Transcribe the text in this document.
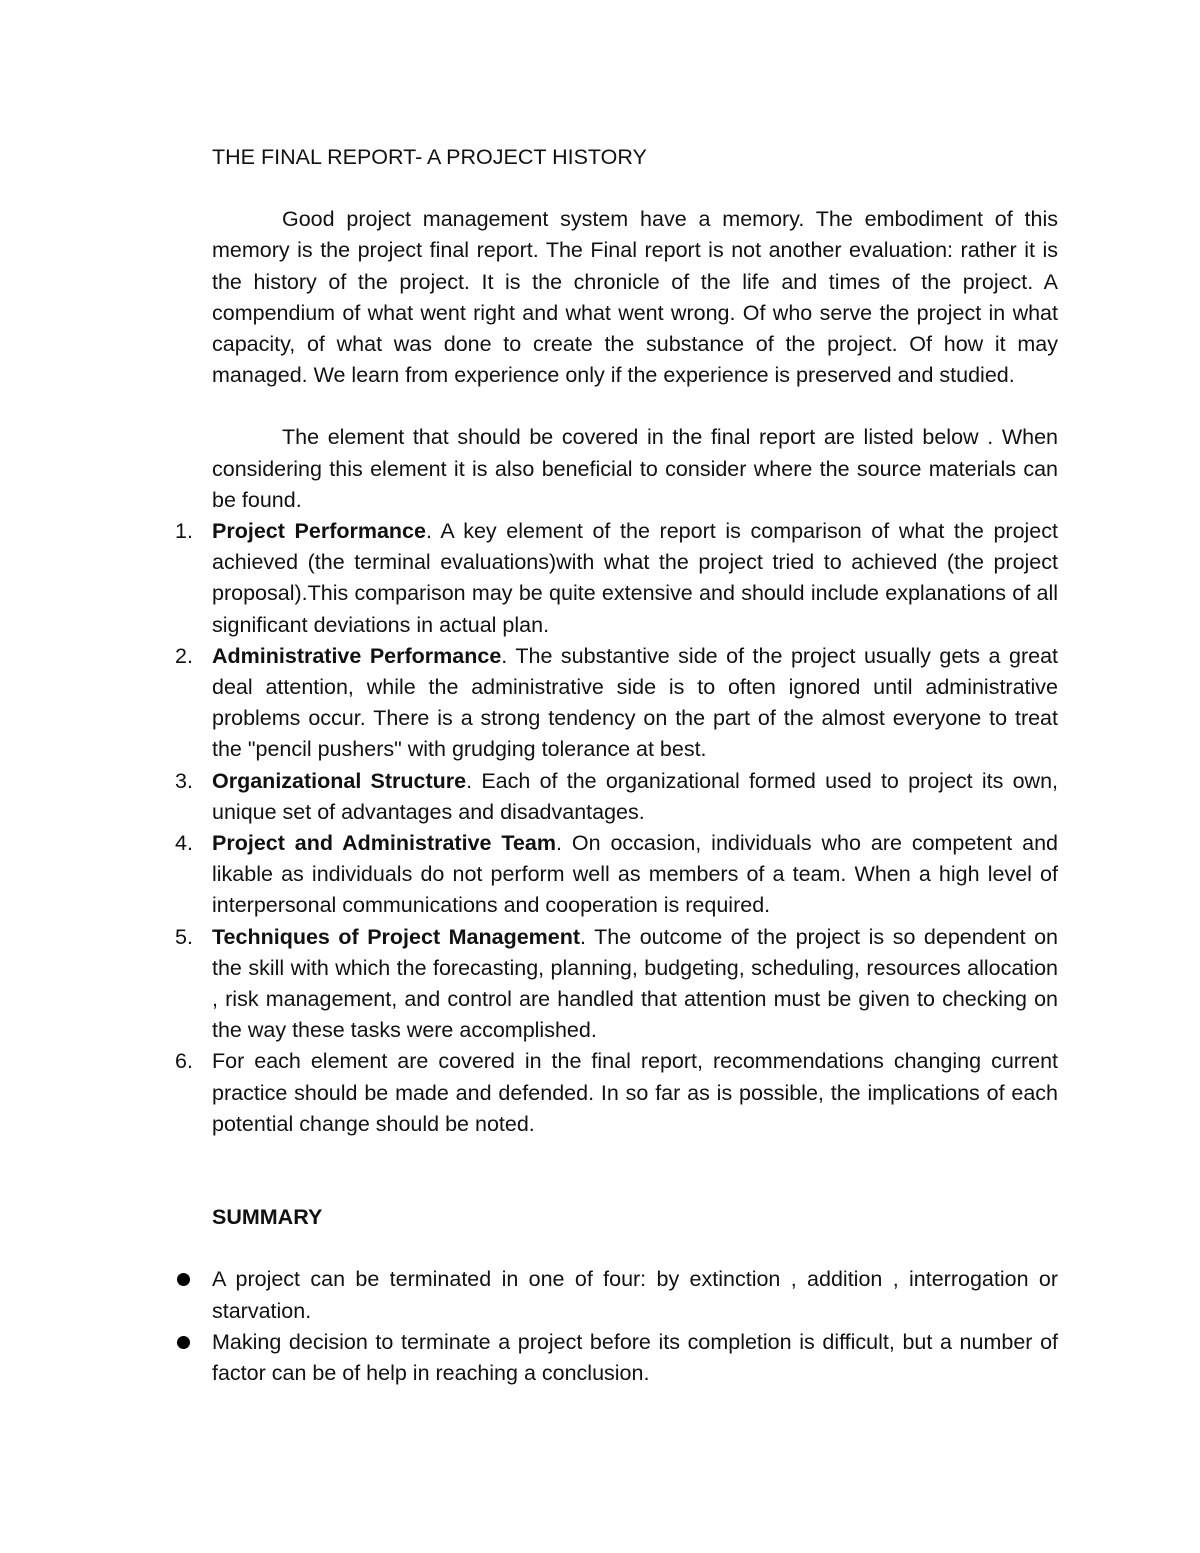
THE FINAL REPORT- A PROJECT HISTORY

Good project management system have a memory. The embodiment of this memory is the project final report. The Final report is not another evaluation: rather it is the history of the project. It is the chronicle of the life and times of the project. A compendium of what went right and what went wrong. Of who serve the project in what capacity, of what was done to create the substance of the project. Of how it may managed. We learn from experience only if the experience is preserved and studied.

The element that should be covered in the final report are listed below . When considering this element it is also beneficial to consider where the source materials can be found.

1. Project Performance. A key element of the report is comparison of what the project achieved (the terminal evaluations)with what the project tried to achieved (the project proposal).This comparison may be quite extensive and should include explanations of all significant deviations in actual plan.
2. Administrative Performance. The substantive side of the project usually gets a great deal attention, while the administrative side is to often ignored until administrative problems occur. There is a strong tendency on the part of the almost everyone to treat the "pencil pushers" with grudging tolerance at best.
3. Organizational Structure. Each of the organizational formed used to project its own, unique set of advantages and disadvantages.
4. Project and Administrative Team. On occasion, individuals who are competent and likable as individuals do not perform well as members of a team. When a high level of interpersonal communications and cooperation is required.
5. Techniques of Project Management. The outcome of the project is so dependent on the skill with which the forecasting, planning, budgeting, scheduling, resources allocation , risk management, and control are handled that attention must be given to checking on the way these tasks were accomplished.
6. For each element are covered in the final report, recommendations changing current practice should be made and defended. In so far as is possible, the implications of each potential change should be noted.

SUMMARY

A project can be terminated in one of four: by extinction , addition , interrogation or starvation.
Making decision to terminate a project before its completion is difficult, but a number of factor can be of help in reaching a conclusion.
